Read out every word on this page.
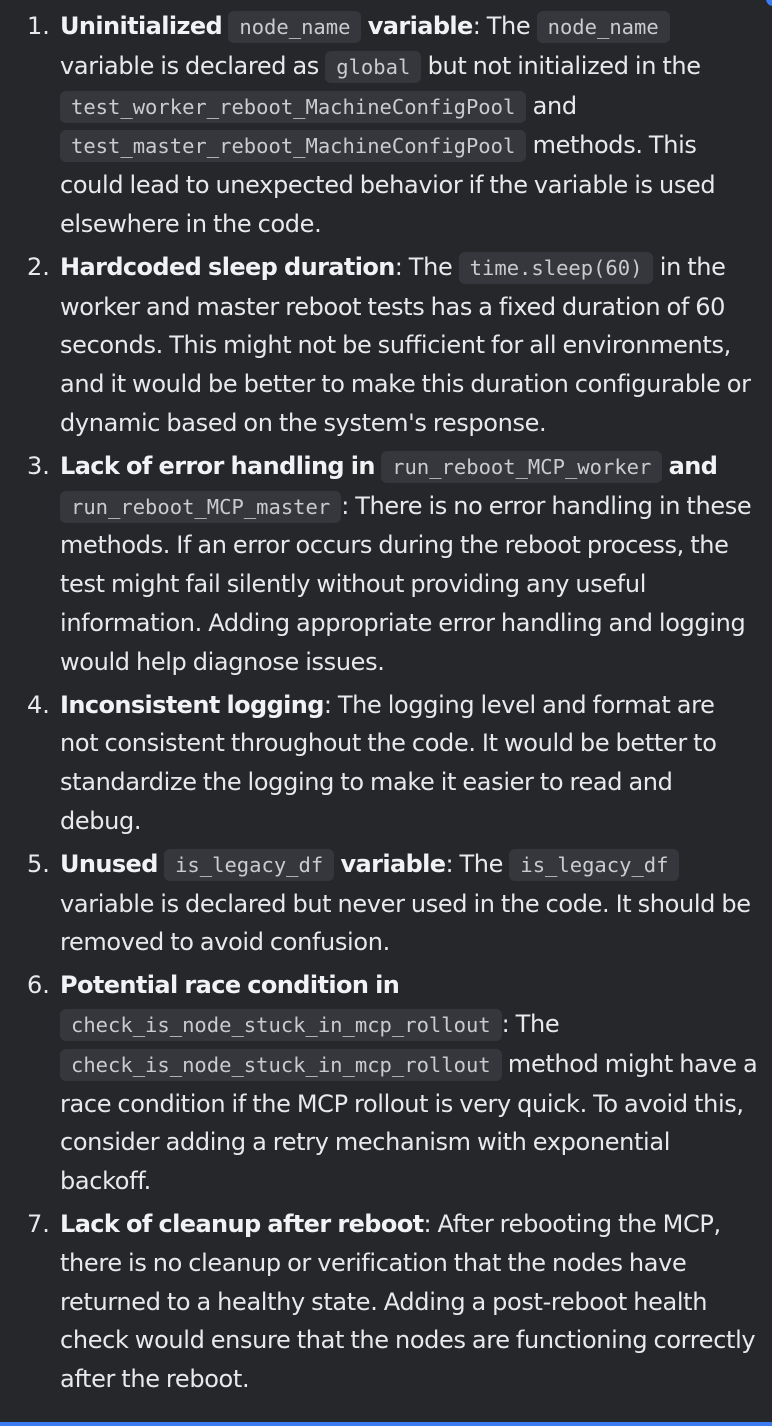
1. Uninitialized node_name variable: The node_name variable is declared as global but not initialized in the test_worker_reboot_MachineConfigPool and test_master_reboot_MachineConfigPool methods. This could lead to unexpected behavior if the variable is used elsewhere in the code.
2. Hardcoded sleep duration: The time.sleep(60) in the worker and master reboot tests has a fixed duration of 60 seconds. This might not be sufficient for all environments, and it would be better to make this duration configurable or dynamic based on the system's response.
3. Lack of error handling in run_reboot_MCP_worker and run_reboot_MCP_master : There is no error handling in these methods. If an error occurs during the reboot process, the test might fail silently without providing any useful information. Adding appropriate error handling and logging would help diagnose issues.
4. Inconsistent logging: The logging level and format are not consistent throughout the code. It would be better to standardize the logging to make it easier to read and debug.
5. Unused is_legacy_df variable: The is_legacy_df variable is declared but never used in the code. It should be removed to avoid confusion.
6. Potential race condition in check_is_node_stuck_in_mcp_rollout : The check_is_node_stuck_in_mcp_rollout method might have a race condition if the MCP rollout is very quick. To avoid this, consider adding a retry mechanism with exponential backoff.
7. Lack of cleanup after reboot: After rebooting the MCP, there is no cleanup or verification that the nodes have returned to a healthy state. Adding a post-reboot health check would ensure that the nodes are functioning correctly after the reboot.
